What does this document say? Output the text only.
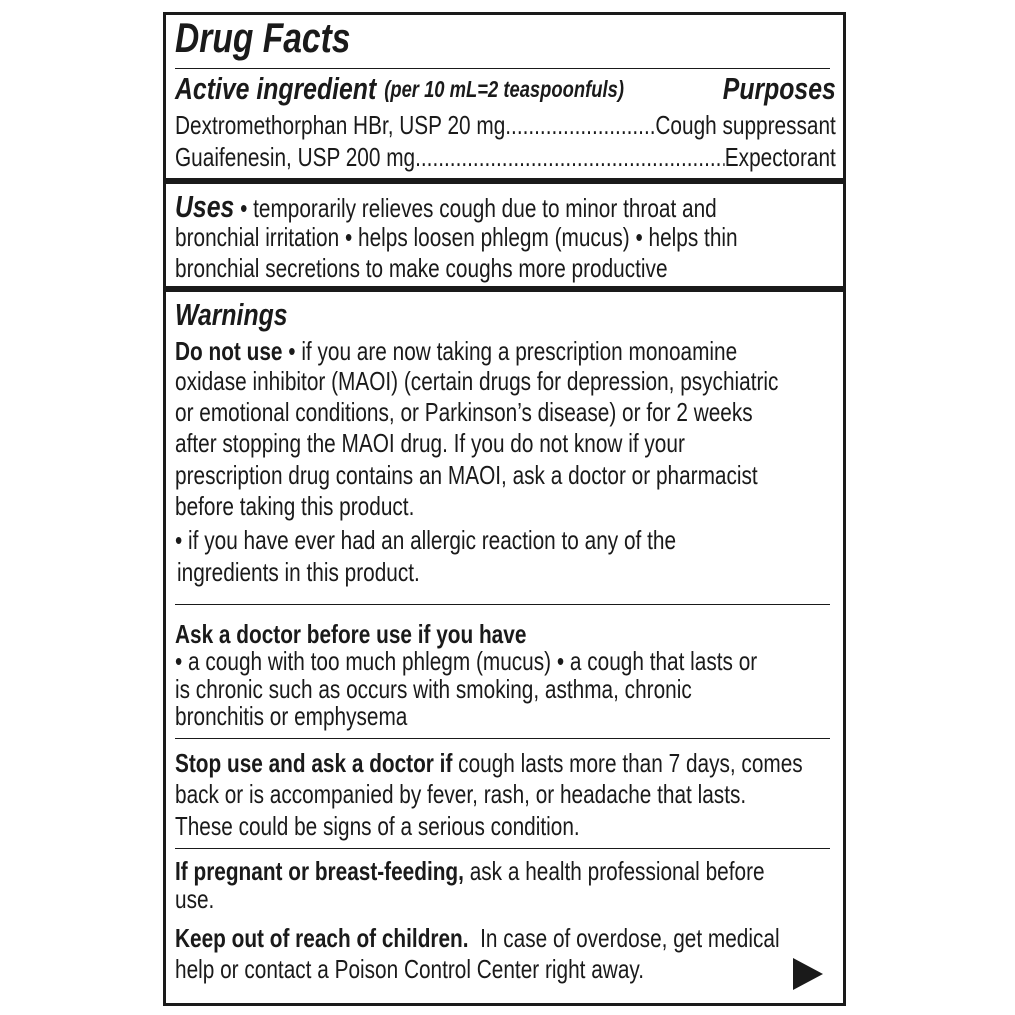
Drug Facts
Active ingredient (per 10 mL=2 teaspoonfuls)	Purposes
Dextromethorphan HBr, USP 20 mg .....	Cough suppressant
Guaifenesin, USP 200 mg .....	Expectorant
Uses • temporarily relieves cough due to minor throat and
bronchial irritation • helps loosen phlegm (mucus) • helps thin
bronchial secretions to make coughs more productive
Warnings
Do not use • if you are now taking a prescription monoamine
oxidase inhibitor (MAOI) (certain drugs for depression, psychiatric
or emotional conditions, or Parkinson’s disease) or for 2 weeks
after stopping the MAOI drug. If you do not know if your
prescription drug contains an MAOI, ask a doctor or pharmacist
before taking this product.
• if you have ever had an allergic reaction to any of the
ingredients in this product.
Ask a doctor before use if you have
• a cough with too much phlegm (mucus) • a cough that lasts or
is chronic such as occurs with smoking, asthma, chronic
bronchitis or emphysema
Stop use and ask a doctor if cough lasts more than 7 days, comes
back or is accompanied by fever, rash, or headache that lasts.
These could be signs of a serious condition.
If pregnant or breast-feeding, ask a health professional before
use.
Keep out of reach of children.  In case of overdose, get medical
help or contact a Poison Control Center right away.
